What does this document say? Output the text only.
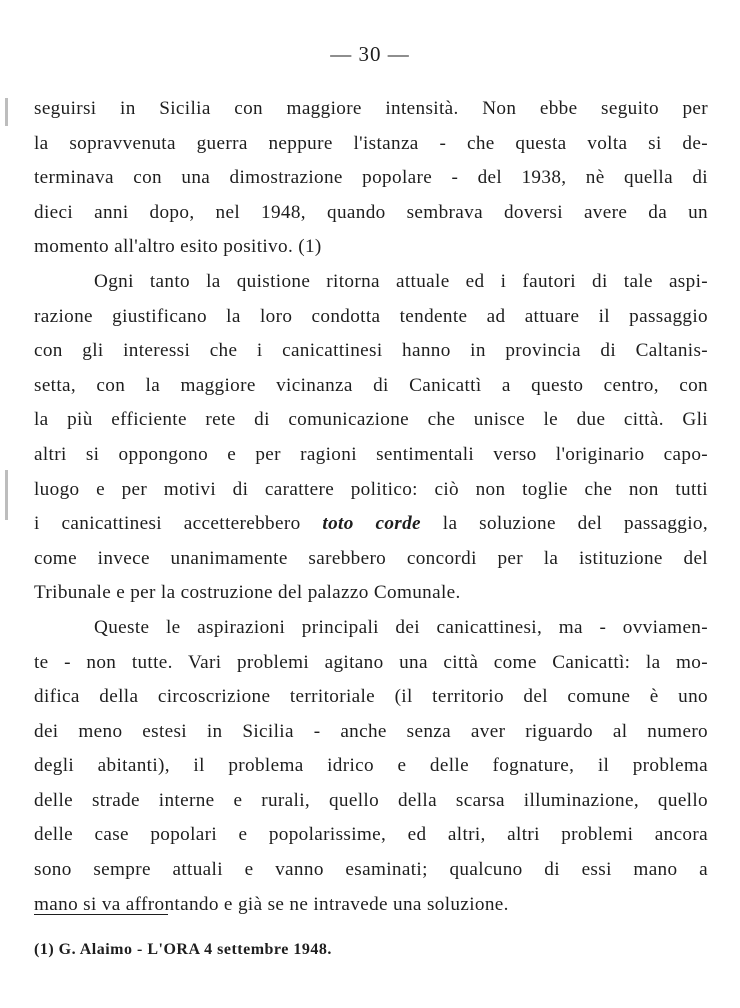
— 30 —
seguirsi in Sicilia con maggiore intensità. Non ebbe seguito per
la sopravvenuta guerra neppure l'istanza - che questa volta si de-
terminava con una dimostrazione popolare - del 1938, nè quella di
dieci anni dopo, nel 1948, quando sembrava doversi avere da un
momento all'altro esito positivo. (1)
Ogni tanto la quistione ritorna attuale ed i fautori di tale aspi-
razione giustificano la loro condotta tendente ad attuare il passaggio
con gli interessi che i canicattinesi hanno in provincia di Caltanis-
setta, con la maggiore vicinanza di Canicattì a questo centro, con
la più efficiente rete di comunicazione che unisce le due città. Gli
altri si oppongono e per ragioni sentimentali verso l'originario capo-
luogo e per motivi di carattere politico: ciò non toglie che non tutti
i canicattinesi accetterebbero toto corde la soluzione del passaggio,
come invece unanimamente sarebbero concordi per la istituzione del
Tribunale e per la costruzione del palazzo Comunale.
Queste le aspirazioni principali dei canicattinesi, ma - ovviamen-
te - non tutte. Vari problemi agitano una città come Canicattì: la mo-
difica della circoscrizione territoriale (il territorio del comune è uno
dei meno estesi in Sicilia - anche senza aver riguardo al numero
degli abitanti), il problema idrico e delle fognature, il problema
delle strade interne e rurali, quello della scarsa illuminazione, quello
delle case popolari e popolarissime, ed altri, altri problemi ancora
sono sempre attuali e vanno esaminati; qualcuno di essi mano a
mano si va affrontando e già se ne intravede una soluzione.
(1) G. Alaimo - L'ORA 4 settembre 1948.
